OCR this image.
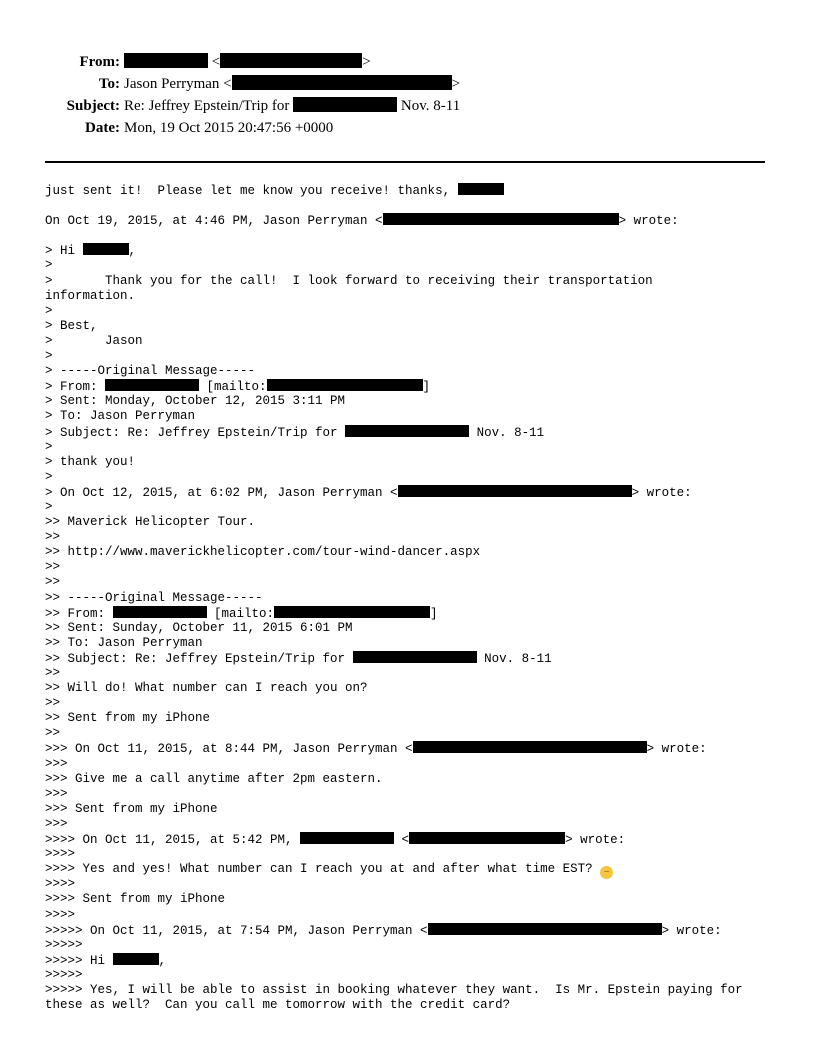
From:	<	>
To: Jason Perryman <	>
Subject: Re: Jeffrey Epstein/Trip for	Nov. 8-11
Date: Mon, 19 Oct 2015 20:47:56 +0000
just sent it!  Please let me know you receive! thanks,
On Oct 19, 2015, at 4:46 PM, Jason Perryman <	> wrote:
> Hi	,
>
>       Thank you for the call!  I look forward to receiving their transportation
information.
>
> Best,
>       Jason
>
> -----Original Message-----
> From:	[mailto:	]
> Sent: Monday, October 12, 2015 3:11 PM
> To: Jason Perryman
> Subject: Re: Jeffrey Epstein/Trip for	Nov. 8-11
>
> thank you!
>
> On Oct 12, 2015, at 6:02 PM, Jason Perryman <	> wrote:
>
>> Maverick Helicopter Tour.
>>
>> http://www.maverickhelicopter.com/tour-wind-dancer.aspx
>>
>>
>> -----Original Message-----
>> From:	[mailto:	]
>> Sent: Sunday, October 11, 2015 6:01 PM
>> To: Jason Perryman
>> Subject: Re: Jeffrey Epstein/Trip for	Nov. 8-11
>>
>> Will do! What number can I reach you on?
>>
>> Sent from my iPhone
>>
>>> On Oct 11, 2015, at 8:44 PM, Jason Perryman <	> wrote:
>>>
>>> Give me a call anytime after 2pm eastern.
>>>
>>> Sent from my iPhone
>>>
>>>> On Oct 11, 2015, at 5:42 PM,	<	> wrote:
>>>>
>>>> Yes and yes! What number can I reach you at and after what time EST? ⌣
>>>>
>>>> Sent from my iPhone
>>>>
>>>>> On Oct 11, 2015, at 7:54 PM, Jason Perryman <	> wrote:
>>>>>
>>>>> Hi	,
>>>>>
>>>>> Yes, I will be able to assist in booking whatever they want.  Is Mr. Epstein paying for
these as well?  Can you call me tomorrow with the credit card?
